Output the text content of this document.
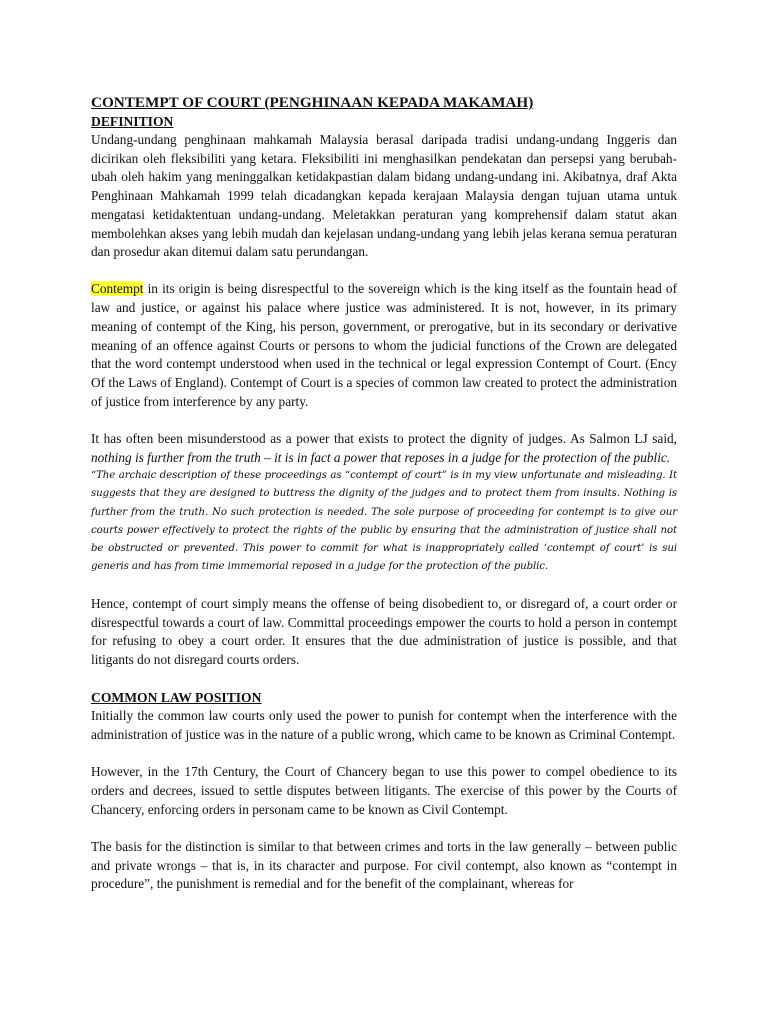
CONTEMPT OF COURT (PENGHINAAN KEPADA MAKAMAH)

DEFINITION

Undang-undang penghinaan mahkamah Malaysia berasal daripada tradisi undang-undang Inggeris dan dicirikan oleh fleksibiliti yang ketara. Fleksibiliti ini menghasilkan pendekatan dan persepsi yang berubah-ubah oleh hakim yang meninggalkan ketidakpastian dalam bidang undang-undang ini. Akibatnya, draf Akta Penghinaan Mahkamah 1999 telah dicadangkan kepada kerajaan Malaysia dengan tujuan utama untuk mengatasi ketidaktentuan undang-undang. Meletakkan peraturan yang komprehensif dalam statut akan membolehkan akses yang lebih mudah dan kejelasan undang-undang yang lebih jelas kerana semua peraturan dan prosedur akan ditemui dalam satu perundangan.

Contempt in its origin is being disrespectful to the sovereign which is the king itself as the fountain head of law and justice, or against his palace where justice was administered. It is not, however, in its primary meaning of contempt of the King, his person, government, or prerogative, but in its secondary or derivative meaning of an offence against Courts or persons to whom the judicial functions of the Crown are delegated that the word contempt understood when used in the technical or legal expression Contempt of Court. (Ency Of the Laws of England). Contempt of Court is a species of common law created to protect the administration of justice from interference by any party.

It has often been misunderstood as a power that exists to protect the dignity of judges. As Salmon LJ said, nothing is further from the truth – it is in fact a power that reposes in a judge for the protection of the public.

“The archaic description of these proceedings as “contempt of court” is in my view unfortunate and misleading. It suggests that they are designed to buttress the dignity of the judges and to protect them from insults. Nothing is further from the truth. No such protection is needed. The sole purpose of proceeding for contempt is to give our courts power effectively to protect the rights of the public by ensuring that the administration of justice shall not be obstructed or prevented. This power to commit for what is inappropriately called ‘contempt of court’ is sui generis and has from time immemorial reposed in a judge for the protection of the public.

Hence, contempt of court simply means the offense of being disobedient to, or disregard of, a court order or disrespectful towards a court of law. Committal proceedings empower the courts to hold a person in contempt for refusing to obey a court order. It ensures that the due administration of justice is possible, and that litigants do not disregard courts orders.

COMMON LAW POSITION

Initially the common law courts only used the power to punish for contempt when the interference with the administration of justice was in the nature of a public wrong, which came to be known as Criminal Contempt.

However, in the 17th Century, the Court of Chancery began to use this power to compel obedience to its orders and decrees, issued to settle disputes between litigants. The exercise of this power by the Courts of Chancery, enforcing orders in personam came to be known as Civil Contempt.

The basis for the distinction is similar to that between crimes and torts in the law generally – between public and private wrongs – that is, in its character and purpose. For civil contempt, also known as “contempt in procedure”, the punishment is remedial and for the benefit of the complainant, whereas for
